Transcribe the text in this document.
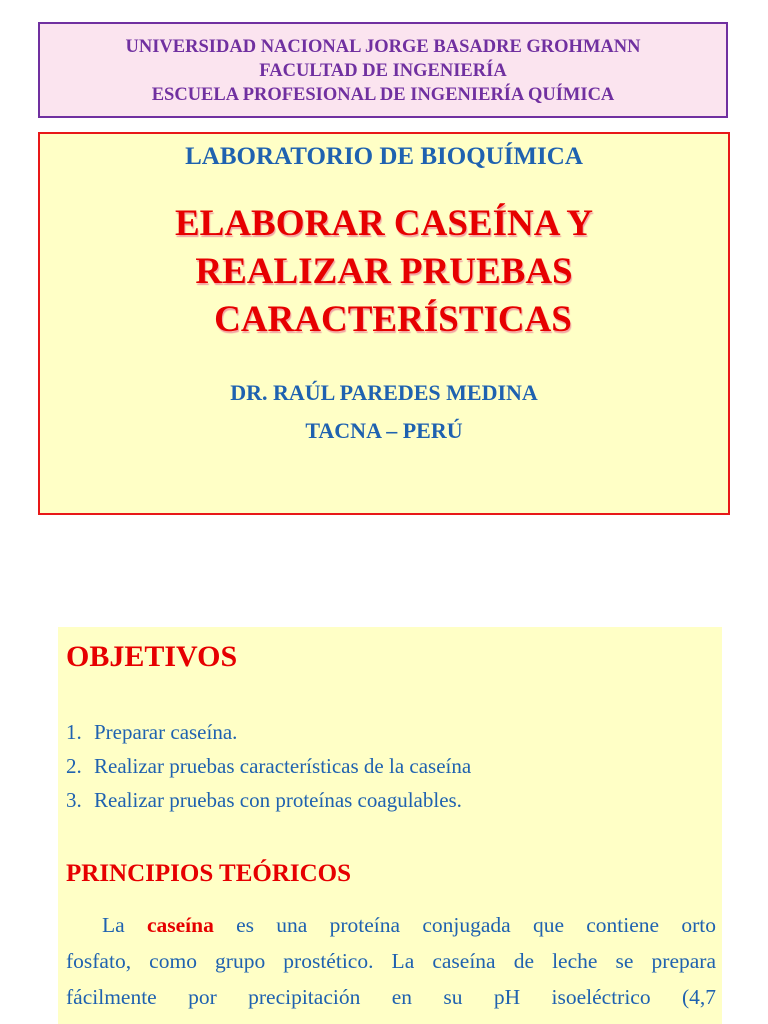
UNIVERSIDAD NACIONAL JORGE BASADRE GROHMANN
FACULTAD DE INGENIERÍA
ESCUELA PROFESIONAL DE INGENIERÍA QUÍMICA
LABORATORIO DE BIOQUÍMICA
ELABORAR CASEÍNA Y
REALIZAR PRUEBAS
CARACTERÍSTICAS
DR. RAÚL PAREDES MEDINA
TACNA – PERÚ
OBJETIVOS
1. Preparar caseína.
2. Realizar pruebas características de la caseína
3. Realizar pruebas con proteínas coagulables.
PRINCIPIOS TEÓRICOS
La caseína es una proteína conjugada que contiene orto
fosfato, como grupo prostético. La caseína de leche se prepara
fácilmente por precipitación en su pH isoeléctrico (4,7
